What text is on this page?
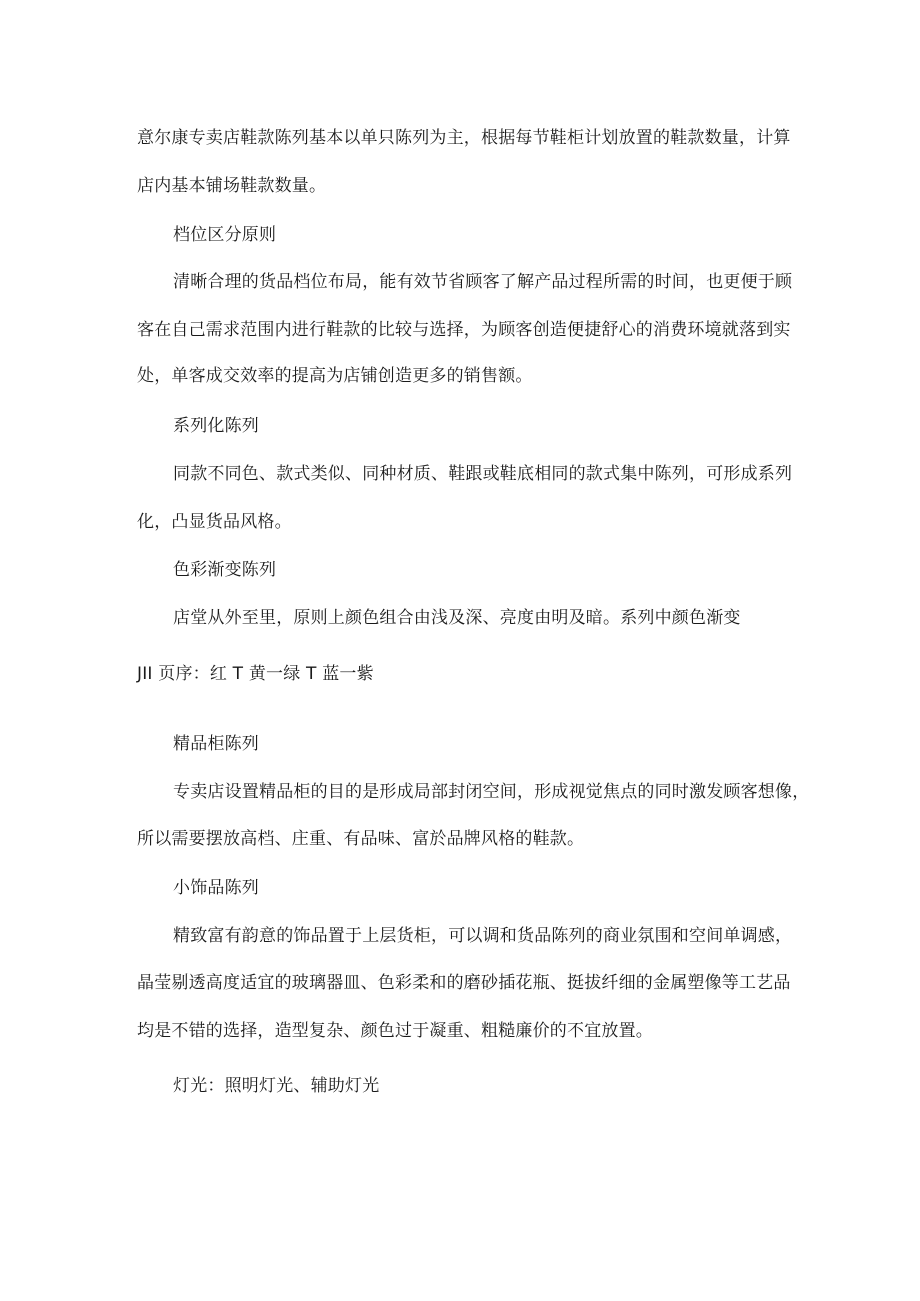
意尔康专卖店鞋款陈列基本以单只陈列为主，根据每节鞋柜计划放置的鞋款数量，计算
店内基本铺场鞋款数量。
档位区分原则
清晰合理的货品档位布局，能有效节省顾客了解产品过程所需的时间，也更便于顾
客在自己需求范围内进行鞋款的比较与选择，为顾客创造便捷舒心的消费环境就落到实
处，单客成交效率的提高为店铺创造更多的销售额。
系列化陈列
同款不同色、款式类似、同种材质、鞋跟或鞋底相同的款式集中陈列，可形成系列
化，凸显货品风格。
色彩渐变陈列
店堂从外至里，原则上颜色组合由浅及深、亮度由明及暗。系列中颜色渐变
JII 页序：红 T 黄一绿 T 蓝一紫
精品柜陈列
专卖店设置精品柜的目的是形成局部封闭空间，形成视觉焦点的同时激发顾客想像，
所以需要摆放高档、庄重、有品味、富於品牌风格的鞋款。
小饰品陈列
精致富有韵意的饰品置于上层货柜，可以调和货品陈列的商业氛围和空间单调感，
晶莹剔透高度适宜的玻璃器皿、色彩柔和的磨砂插花瓶、挺拔纤细的金属塑像等工艺品
均是不错的选择，造型复杂、颜色过于凝重、粗糙廉价的不宜放置。
灯光：照明灯光、辅助灯光
